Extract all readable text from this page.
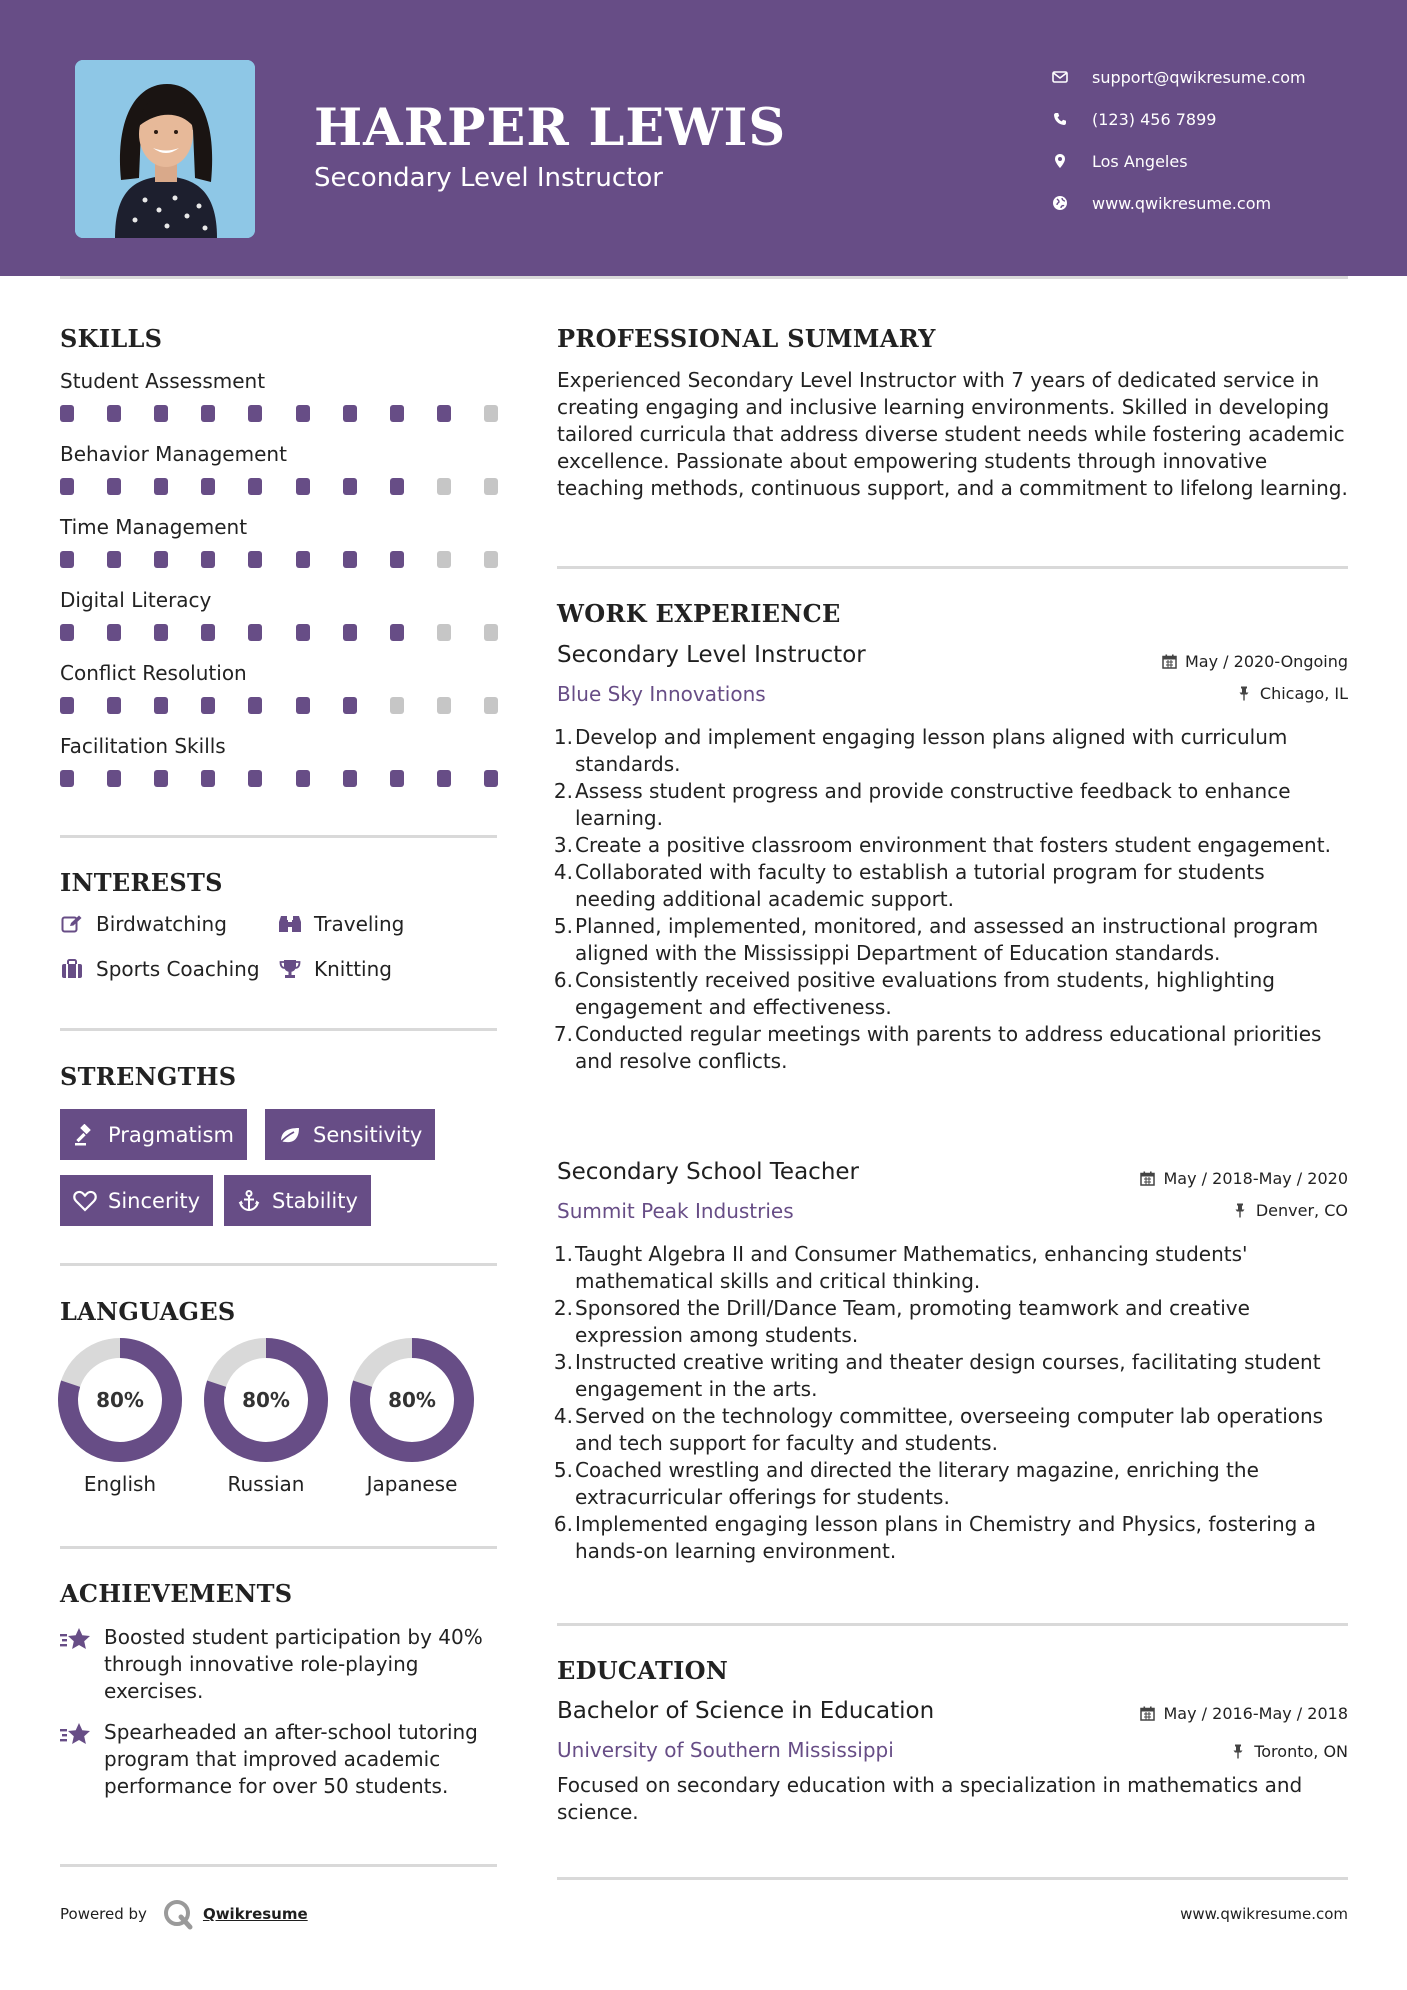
HARPER LEWIS
Secondary Level Instructor
support@qwikresume.com
(123) 456 7899
Los Angeles
www.qwikresume.com
SKILLS
Student Assessment
Behavior Management
Time Management
Digital Literacy
Conflict Resolution
Facilitation Skills
INTERESTS
Birdwatching	Traveling
Sports Coaching	Knitting
STRENGTHS
Pragmatism	Sensitivity
Sincerity	Stability
LANGUAGES
80%
English
80%
Russian
80%
Japanese
ACHIEVEMENTS
Boosted student participation by 40% through innovative role-playing exercises.
Spearheaded an after-school tutoring program that improved academic performance for over 50 students.
PROFESSIONAL SUMMARY
Experienced Secondary Level Instructor with 7 years of dedicated service in creating engaging and inclusive learning environments. Skilled in developing tailored curricula that address diverse student needs while fostering academic excellence. Passionate about empowering students through innovative teaching methods, continuous support, and a commitment to lifelong learning.
WORK EXPERIENCE
Secondary Level Instructor	May / 2020-Ongoing
Blue Sky Innovations	Chicago, IL
1. Develop and implement engaging lesson plans aligned with curriculum standards.
2. Assess student progress and provide constructive feedback to enhance learning.
3. Create a positive classroom environment that fosters student engagement.
4. Collaborated with faculty to establish a tutorial program for students needing additional academic support.
5. Planned, implemented, monitored, and assessed an instructional program aligned with the Mississippi Department of Education standards.
6. Consistently received positive evaluations from students, highlighting engagement and effectiveness.
7. Conducted regular meetings with parents to address educational priorities and resolve conflicts.
Secondary School Teacher	May / 2018-May / 2020
Summit Peak Industries	Denver, CO
1. Taught Algebra II and Consumer Mathematics, enhancing students' mathematical skills and critical thinking.
2. Sponsored the Drill/Dance Team, promoting teamwork and creative expression among students.
3. Instructed creative writing and theater design courses, facilitating student engagement in the arts.
4. Served on the technology committee, overseeing computer lab operations and tech support for faculty and students.
5. Coached wrestling and directed the literary magazine, enriching the extracurricular offerings for students.
6. Implemented engaging lesson plans in Chemistry and Physics, fostering a hands-on learning environment.
EDUCATION
Bachelor of Science in Education	May / 2016-May / 2018
University of Southern Mississippi	Toronto, ON
Focused on secondary education with a specialization in mathematics and science.
Powered by	Qwikresume	www.qwikresume.com
